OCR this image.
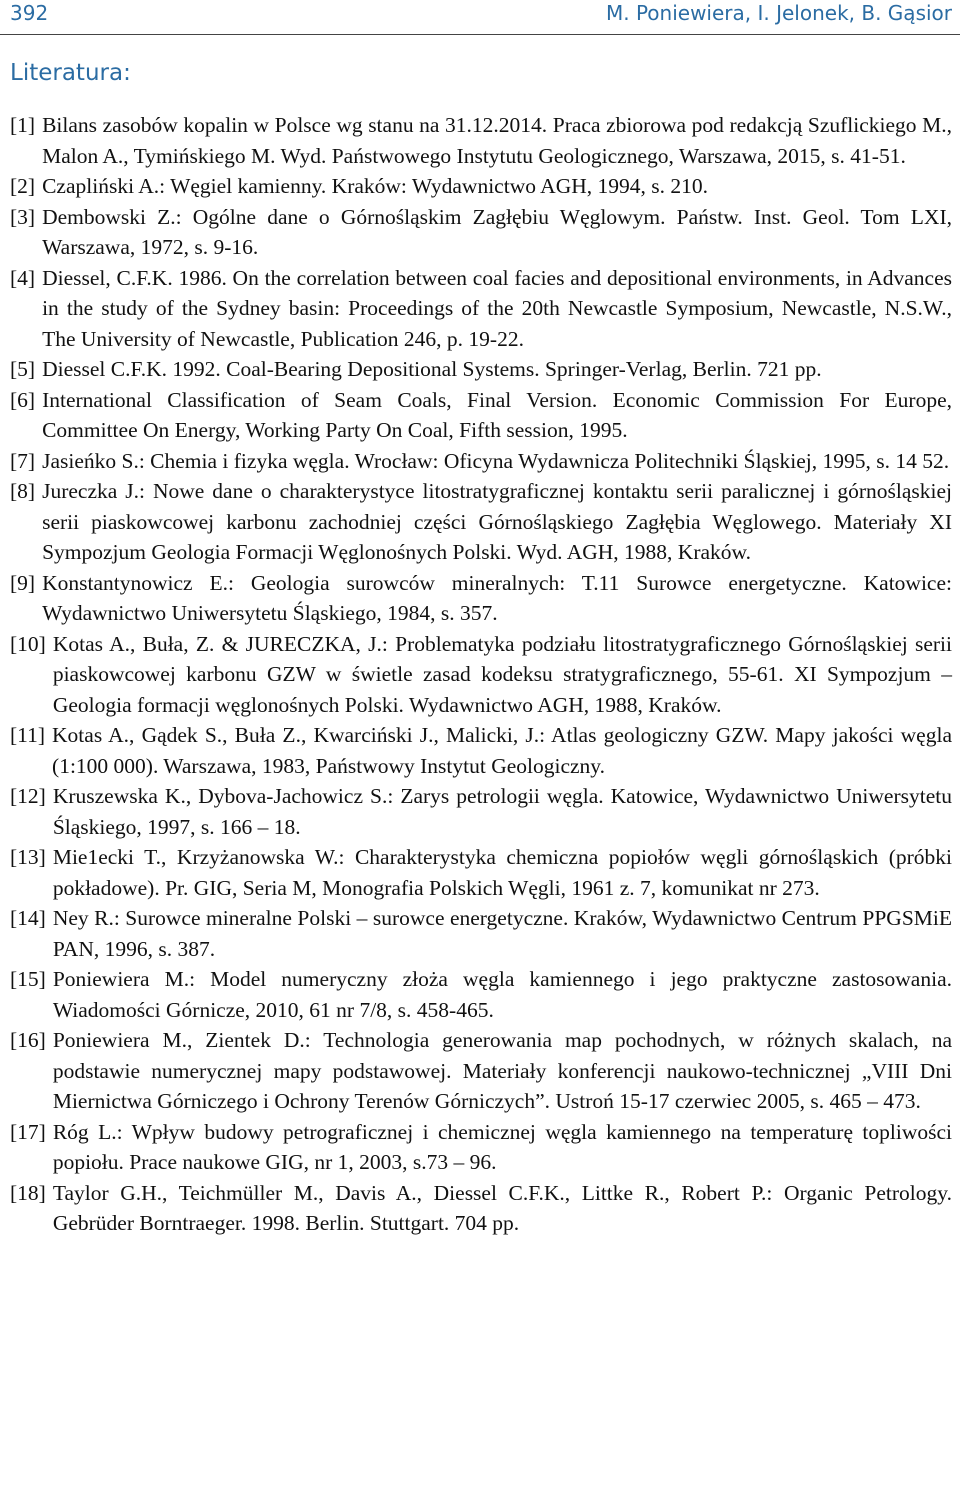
392	M. Poniewiera, I. Jelonek, B. Gąsior
Literatura:
[1] Bilans zasobów kopalin w Polsce wg stanu na 31.12.2014. Praca zbiorowa pod redakcją Szuflickiego M., Malon A., Tymińskiego M. Wyd. Państwowego Instytutu Geologicznego, Warszawa, 2015, s. 41-51.
[2] Czapliński A.: Węgiel kamienny. Kraków: Wydawnictwo AGH, 1994, s. 210.
[3] Dembowski Z.: Ogólne dane o Górnośląskim Zagłębiu Węglowym. Państw. Inst. Geol. Tom LXI, Warszawa, 1972, s. 9-16.
[4] Diessel, C.F.K. 1986. On the correlation between coal facies and depositional environments, in Advances in the study of the Sydney basin: Proceedings of the 20th Newcastle Symposium, Newcastle, N.S.W., The University of Newcastle, Publication 246, p. 19-22.
[5] Diessel C.F.K. 1992. Coal-Bearing Depositional Systems. Springer-Verlag, Berlin. 721 pp.
[6] International Classification of Seam Coals, Final Version. Economic Commission For Europe, Committee On Energy, Working Party On Coal, Fifth session, 1995.
[7] Jasieńko S.: Chemia i fizyka węgla. Wrocław: Oficyna Wydawnicza Politechniki Śląskiej, 1995, s. 14 52.
[8] Jureczka J.: Nowe dane o charakterystyce litostratygraficznej kontaktu serii paralicznej i górnośląskiej serii piaskowcowej karbonu zachodniej części Górnośląskiego Zagłębia Węglowego. Materiały XI Sympozjum Geologia Formacji Węglonośnych Polski. Wyd. AGH, 1988, Kraków.
[9] Konstantynowicz E.: Geologia surowców mineralnych: T.11 Surowce energetyczne. Katowice: Wydawnictwo Uniwersytetu Śląskiego, 1984, s. 357.
[10] Kotas A., Buła, Z. & JURECZKA, J.: Problematyka podziału litostratygraficznego Górnośląskiej serii piaskowcowej karbonu GZW w świetle zasad kodeksu stratygraficznego, 55-61. XI Sympozjum – Geologia formacji węglonośnych Polski. Wydawnictwo AGH, 1988, Kraków.
[11] Kotas A., Gądek S., Buła Z., Kwarciński J., Malicki, J.: Atlas geologiczny GZW. Mapy jakości węgla (1:100 000). Warszawa, 1983, Państwowy Instytut Geologiczny.
[12] Kruszewska K., Dybova-Jachowicz S.: Zarys petrologii węgla. Katowice, Wydawnictwo Uniwersytetu Śląskiego, 1997, s. 166 – 18.
[13] Mie1ecki T., Krzyżanowska W.: Charakterystyka chemiczna popiołów węgli górnośląskich (próbki pokładowe). Pr. GIG, Seria M, Monografia Polskich Węgli, 1961 z. 7, komunikat nr 273.
[14] Ney R.: Surowce mineralne Polski – surowce energetyczne. Kraków, Wydawnictwo Centrum PPGSMiE PAN, 1996, s. 387.
[15] Poniewiera M.: Model numeryczny złoża węgla kamiennego i jego praktyczne zastosowania. Wiadomości Górnicze, 2010, 61 nr 7/8, s. 458-465.
[16] Poniewiera M., Zientek D.: Technologia generowania map pochodnych, w różnych skalach, na podstawie numerycznej mapy podstawowej. Materiały konferencji naukowo-technicznej „VIII Dni Miernictwa Górniczego i Ochrony Terenów Górniczych”. Ustroń 15-17 czerwiec 2005, s. 465 – 473.
[17] Róg L.: Wpływ budowy petrograficznej i chemicznej węgla kamiennego na temperaturę topliwości popiołu. Prace naukowe GIG, nr 1, 2003, s.73 – 96.
[18] Taylor G.H., Teichmüller M., Davis A., Diessel C.F.K., Littke R., Robert P.: Organic Petrology. Gebrüder Borntraeger. 1998. Berlin. Stuttgart. 704 pp.
